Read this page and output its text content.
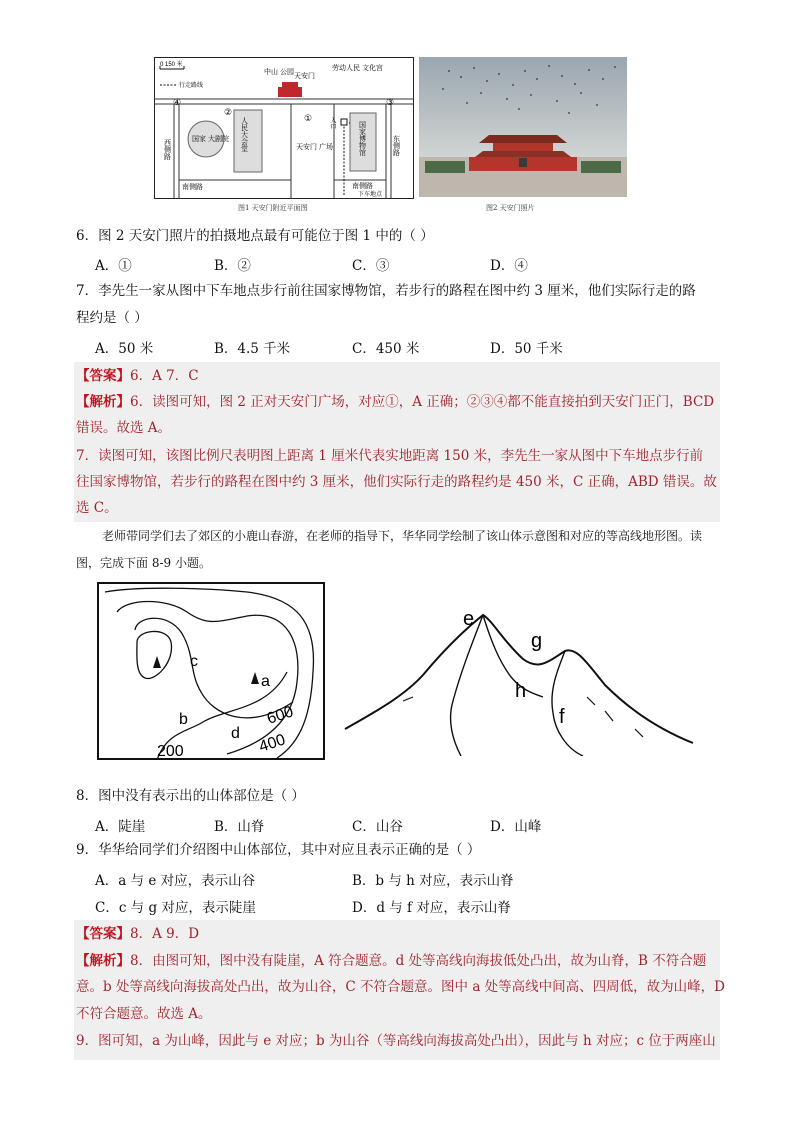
0 150 米
行走路线
④
②
①
③
中山 公园
天安门
劳动人民 文化宫
国家 大剧院 人民大会堂	天安门 广场	国家博物馆
西侧路	东侧路
南侧路	南侧路
入口
下车地点
图1 天安门附近平面图	图2 天安门照片
6．图 2 天安门照片的拍摄地点最有可能位于图 1 中的（ ）
A．①	B．②	C．③	D．④
7．李先生一家从图中下车地点步行前往国家博物馆，若步行的路程在图中约 3 厘米，他们实际行走的路
程约是（ ）
A．50 米	B．4.5 千米	C．450 米	D．50 千米
【答案】6．A 7．C
【解析】6．读图可知，图 2 正对天安门广场，对应①，A 正确；②③④都不能直接拍到天安门正门，BCD
错误。故选 A。
7．读图可知，该图比例尺表明图上距离 1 厘米代表实地距离 150 米，李先生一家从图中下车地点步行前
往国家博物馆，若步行的路程在图中约 3 厘米，他们实际行走的路程约是 450 米，C 正确，ABD 错误。故
选 C。
老师带同学们去了郊区的小鹿山春游，在老师的指导下，华华同学绘制了该山体示意图和对应的等高线地形图。读图，完成下面 8-9 小题。
c
a
b
d
600
400
200
e
g
h
f
8．图中没有表示出的山体部位是（ ）
A．陡崖	B．山脊	C．山谷	D．山峰
9．华华给同学们介绍图中山体部位，其中对应且表示正确的是（ ）
A．a 与 e 对应，表示山谷	B．b 与 h 对应，表示山脊
C．c 与 g 对应，表示陡崖	D．d 与 f 对应，表示山脊
【答案】8．A 9．D
【解析】8．由图可知，图中没有陡崖，A 符合题意。d 处等高线向海拔低处凸出，故为山脊，B 不符合题
意。b 处等高线向海拔高处凸出，故为山谷，C 不符合题意。图中 a 处等高线中间高、四周低，故为山峰，D
不符合题意。故选 A。
9．图可知，a 为山峰，因此与 e 对应；b 为山谷（等高线向海拔高处凸出），因此与 h 对应；c 位于两座山
